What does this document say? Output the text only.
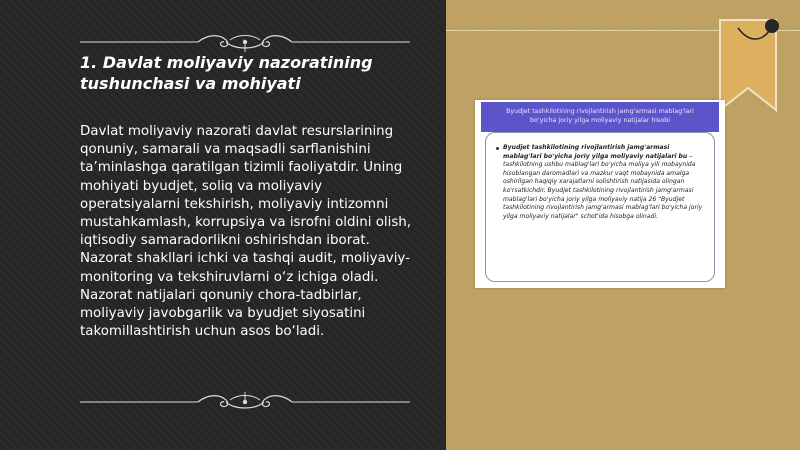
1. Davlat moliyaviy nazoratining
tushunchasi va mohiyati

Davlat moliyaviy nazorati davlat resurslarining qonuniy, samarali va maqsadli sarflanishini ta’minlashga qaratilgan tizimli faoliyatdir. Uning mohiyati byudjet, soliq va moliyaviy operatsiyalarni tekshirish, moliyaviy intizomni mustahkamlash, korrupsiya va isrofni oldini olish, iqtisodiy samaradorlikni oshirishdan iborat. Nazorat shakllari ichki va tashqi audit, moliyaviy-monitoring va tekshiruvlarni o‘z ichiga oladi. Nazorat natijalari qonuniy chora-tadbirlar, moliyaviy javobgarlik va byudjet siyosatini takomillashtirish uchun asos bo‘ladi.

Byudjet tashkilotining rivojlantirish jamg'armasi mablag'lari
bo'yicha joriy yilga moliyaviy natijalar hisobi

Byudjet tashkilotining rivojlantirish jamg'armasi mablag'lari bo'yicha joriy yilga moliyaviy natijalari bu – tashkilotning ushbu mablag'lari bo'yicha moliya yili mobaynida hisoblangan daromadlari va mazkur vaqt mobaynida amalga oshirilgan haqiqiy xarajatlarni solishtirish natijasida olingan ko'rsatkichdir. Byudjet tashkilotining rivojlantirish jamg'armasi mablag'lari bo'yicha joriy yilga moliyaviy natija 26 "Byudjet tashkilotining rivojlantirish jamg'armasi mablag'lari bo'yicha joriy yilga moliyaviy natijalar" schot'ida hisobga olinadi.
